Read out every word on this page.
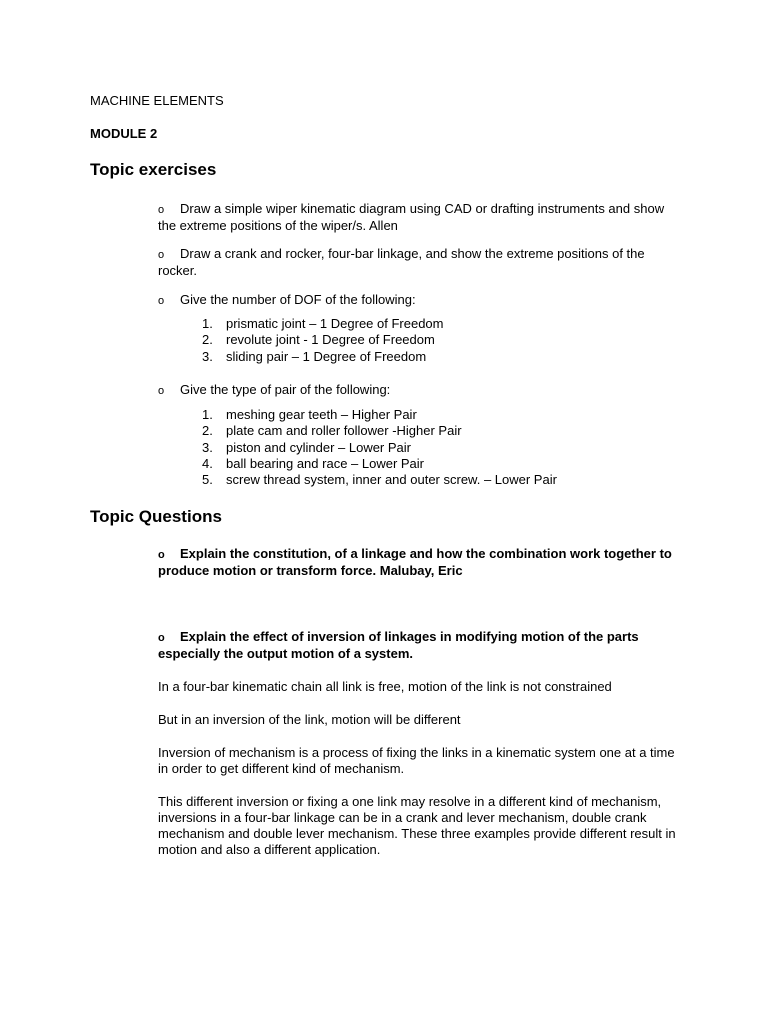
MACHINE ELEMENTS
MODULE 2
Topic exercises
o Draw a simple wiper kinematic diagram using CAD or drafting instruments and show the extreme positions of the wiper/s. Allen
o Draw a crank and rocker, four-bar linkage, and show the extreme positions of the rocker.
o Give the number of DOF of the following:
1. prismatic joint – 1 Degree of Freedom
2. revolute joint - 1 Degree of Freedom
3. sliding pair – 1 Degree of Freedom
o Give the type of pair of the following:
1. meshing gear teeth – Higher Pair
2. plate cam and roller follower -Higher Pair
3. piston and cylinder – Lower Pair
4. ball bearing and race – Lower Pair
5. screw thread system, inner and outer screw. – Lower Pair
Topic Questions
o Explain the constitution, of a linkage and how the combination work together to produce motion or transform force. Malubay, Eric
o Explain the effect of inversion of linkages in modifying motion of the parts especially the output motion of a system.
In a four-bar kinematic chain all link is free, motion of the link is not constrained
But in an inversion of the link, motion will be different
Inversion of mechanism is a process of fixing the links in a kinematic system one at a time in order to get different kind of mechanism.
This different inversion or fixing a one link may resolve in a different kind of mechanism, inversions in a four-bar linkage can be in a crank and lever mechanism, double crank mechanism and double lever mechanism. These three examples provide different result in motion and also a different application.
